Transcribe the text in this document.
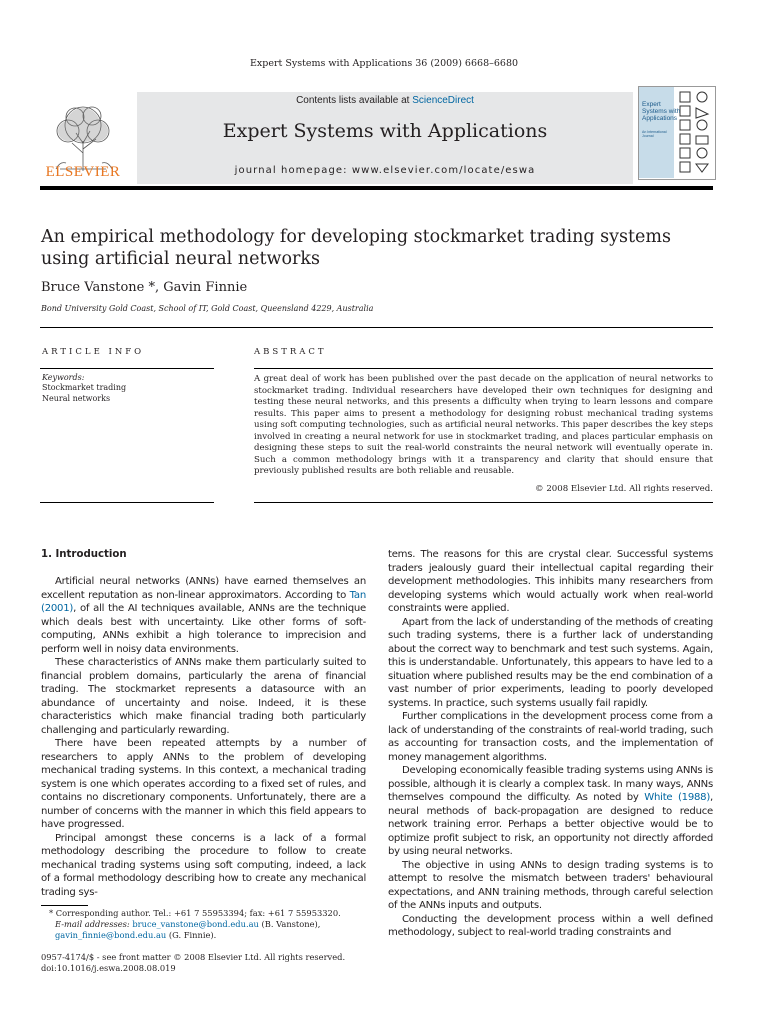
Expert Systems with Applications 36 (2009) 6668–6680
ELSEVIER
Contents lists available at ScienceDirect
Expert Systems with Applications
journal homepage: www.elsevier.com/locate/eswa
Expert Systems with Applications
An International Journal
An empirical methodology for developing stockmarket trading systems using artificial neural networks
Bruce Vanstone *, Gavin Finnie
Bond University Gold Coast, School of IT, Gold Coast, Queensland 4229, Australia
ARTICLE INFO	ABSTRACT
Keywords:
Stockmarket trading
Neural networks
A great deal of work has been published over the past decade on the application of neural networks to stockmarket trading. Individual researchers have developed their own techniques for designing and testing these neural networks, and this presents a difficulty when trying to learn lessons and compare results. This paper aims to present a methodology for designing robust mechanical trading systems using soft computing technologies, such as artificial neural networks. This paper describes the key steps involved in creating a neural network for use in stockmarket trading, and places particular emphasis on designing these steps to suit the real-world constraints the neural network will eventually operate in. Such a common methodology brings with it a transparency and clarity that should ensure that previously published results are both reliable and reusable.
© 2008 Elsevier Ltd. All rights reserved.
1. Introduction

Artificial neural networks (ANNs) have earned themselves an excellent reputation as non-linear approximators. According to Tan (2001), of all the AI techniques available, ANNs are the technique which deals best with uncertainty. Like other forms of soft-computing, ANNs exhibit a high tolerance to imprecision and perform well in noisy data environments.

These characteristics of ANNs make them particularly suited to financial problem domains, particularly the arena of financial trading. The stockmarket represents a datasource with an abundance of uncertainty and noise. Indeed, it is these characteristics which make financial trading both particularly challenging and particularly rewarding.

There have been repeated attempts by a number of researchers to apply ANNs to the problem of developing mechanical trading systems. In this context, a mechanical trading system is one which operates according to a fixed set of rules, and contains no discretionary components. Unfortunately, there are a number of concerns with the manner in which this field appears to have progressed.

Principal amongst these concerns is a lack of a formal methodology describing the procedure to follow to create mechanical trading systems using soft computing, indeed, a lack of a formal methodology describing how to create any mechanical trading sys-

tems. The reasons for this are crystal clear. Successful systems traders jealously guard their intellectual capital regarding their development methodologies. This inhibits many researchers from developing systems which would actually work when real-world constraints were applied.

Apart from the lack of understanding of the methods of creating such trading systems, there is a further lack of understanding about the correct way to benchmark and test such systems. Again, this is understandable. Unfortunately, this appears to have led to a situation where published results may be the end combination of a vast number of prior experiments, leading to poorly developed systems. In practice, such systems usually fail rapidly.

Further complications in the development process come from a lack of understanding of the constraints of real-world trading, such as accounting for transaction costs, and the implementation of money management algorithms.

Developing economically feasible trading systems using ANNs is possible, although it is clearly a complex task. In many ways, ANNs themselves compound the difficulty. As noted by White (1988), neural methods of back-propagation are designed to reduce network training error. Perhaps a better objective would be to optimize profit subject to risk, an opportunity not directly afforded by using neural networks.

The objective in using ANNs to design trading systems is to attempt to resolve the mismatch between traders' behavioural expectations, and ANN training methods, through careful selection of the ANNs inputs and outputs.

Conducting the development process within a well defined methodology, subject to real-world trading constraints and

* Corresponding author. Tel.: +61 7 55953394; fax: +61 7 55953320.
E-mail addresses: bruce_vanstone@bond.edu.au (B. Vanstone), gavin_finnie@bond.edu.au (G. Finnie).
0957-4174/$ - see front matter © 2008 Elsevier Ltd. All rights reserved.
doi:10.1016/j.eswa.2008.08.019
